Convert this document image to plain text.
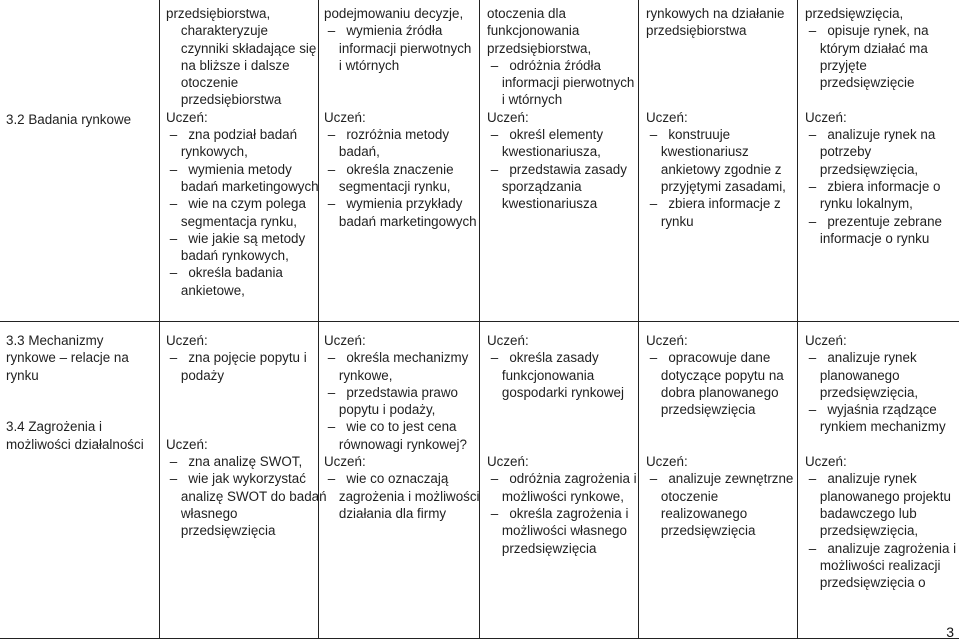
3.2 Badania rynkowe
przedsiębiorstwa,
charakteryzuje
czynniki składające się
na bliższe i dalsze
otoczenie
przedsiębiorstwa
Uczeń:
–   zna podział badań
rynkowych,
–   wymienia metody
badań marketingowych
–   wie na czym polega
segmentacja rynku,
–   wie jakie są metody
badań rynkowych,
–   określa badania
ankietowe,
podejmowaniu decyzje,
–   wymienia źródła
informacji pierwotnych
i wtórnych
Uczeń:
–   rozróżnia metody
badań,
–   określa znaczenie
segmentacji rynku,
–   wymienia przykłady
badań marketingowych
otoczenia dla
funkcjonowania
przedsiębiorstwa,
–   odróżnia źródła
informacji pierwotnych
i wtórnych
Uczeń:
–   określ elementy
kwestionariusza,
–   przedstawia zasady
sporządzania
kwestionariusza
rynkowych na działanie
przedsiębiorstwa
Uczeń:
–   konstruuje
kwestionariusz
ankietowy zgodnie z
przyjętymi zasadami,
–   zbiera informacje z
rynku
przedsięwzięcia,
–   opisuje rynek, na
którym działać ma
przyjęte
przedsięwzięcie
Uczeń:
–   analizuje rynek na
potrzeby
przedsięwzięcia,
–   zbiera informacje o
rynku lokalnym,
–   prezentuje zebrane
informacje o rynku
3.3 Mechanizmy
rynkowe – relacje na
rynku
3.4 Zagrożenia i
możliwości działalności
Uczeń:
–   zna pojęcie popytu i
podaży
Uczeń:
–   zna analizę SWOT,
–   wie jak wykorzystać
analizę SWOT do badań
własnego
przedsięwzięcia
Uczeń:
–   określa mechanizmy
rynkowe,
–   przedstawia prawo
popytu i podaży,
–   wie co to jest cena
równowagi rynkowej?
Uczeń:
–   wie co oznaczają
zagrożenia i możliwości
działania dla firmy
Uczeń:
–   określa zasady
funkcjonowania
gospodarki rynkowej
Uczeń:
–   odróżnia zagrożenia i
możliwości rynkowe,
–   określa zagrożenia i
możliwości własnego
przedsięwzięcia
Uczeń:
–   opracowuje dane
dotyczące popytu na
dobra planowanego
przedsięwzięcia
Uczeń:
–   analizuje zewnętrzne
otoczenie
realizowanego
przedsięwzięcia
Uczeń:
–   analizuje rynek
planowanego
przedsięwzięcia,
–   wyjaśnia rządzące
rynkiem mechanizmy
Uczeń:
–   analizuje rynek
planowanego projektu
badawczego lub
przedsięwzięcia,
–   analizuje zagrożenia i
możliwości realizacji
przedsięwzięcia o
3
